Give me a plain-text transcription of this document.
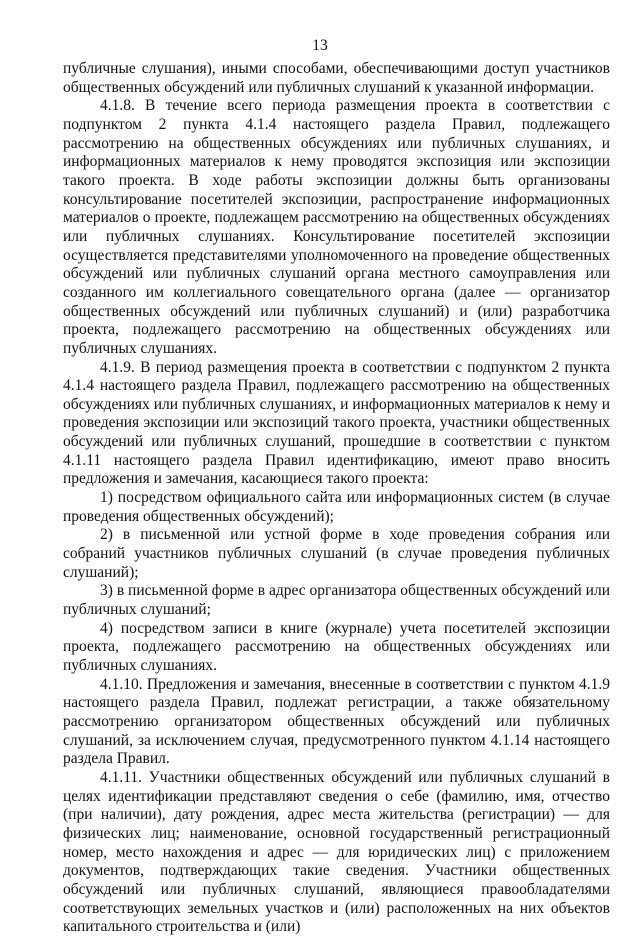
13

публичные слушания), иными способами, обеспечивающими доступ участников общественных обсуждений или публичных слушаний к указанной информации.

4.1.8. В течение всего периода размещения проекта в соответствии с подпунктом 2 пункта 4.1.4 настоящего раздела Правил, подлежащего рассмотрению на общественных обсуждениях или публичных слушаниях, и информационных материалов к нему проводятся экспозиция или экспозиции такого проекта. В ходе работы экспозиции должны быть организованы консультирование посетителей экспозиции, распространение информационных материалов о проекте, подлежащем рассмотрению на общественных обсуждениях или публичных слушаниях. Консультирование посетителей экспозиции осуществляется представителями уполномоченного на проведение общественных обсуждений или публичных слушаний органа местного самоуправления или созданного им коллегиального совещательного органа (далее — организатор общественных обсуждений или публичных слушаний) и (или) разработчика проекта, подлежащего рассмотрению на общественных обсуждениях или публичных слушаниях.

4.1.9. В период размещения проекта в соответствии с подпунктом 2 пункта 4.1.4 настоящего раздела Правил, подлежащего рассмотрению на общественных обсуждениях или публичных слушаниях, и информационных материалов к нему и проведения экспозиции или экспозиций такого проекта, участники общественных обсуждений или публичных слушаний, прошедшие в соответствии с пунктом 4.1.11 настоящего раздела Правил идентификацию, имеют право вносить предложения и замечания, касающиеся такого проекта:

1) посредством официального сайта или информационных систем (в случае проведения общественных обсуждений);

2) в письменной или устной форме в ходе проведения собрания или собраний участников публичных слушаний (в случае проведения публичных слушаний);

3) в письменной форме в адрес организатора общественных обсуждений или публичных слушаний;

4) посредством записи в книге (журнале) учета посетителей экспозиции проекта, подлежащего рассмотрению на общественных обсуждениях или публичных слушаниях.

4.1.10. Предложения и замечания, внесенные в соответствии с пунктом 4.1.9 настоящего раздела Правил, подлежат регистрации, а также обязательному рассмотрению организатором общественных обсуждений или публичных слушаний, за исключением случая, предусмотренного пунктом 4.1.14 настоящего раздела Правил.

4.1.11. Участники общественных обсуждений или публичных слушаний в целях идентификации представляют сведения о себе (фамилию, имя, отчество (при наличии), дату рождения, адрес места жительства (регистрации) — для физических лиц; наименование, основной государственный регистрационный номер, место нахождения и адрес — для юридических лиц) с приложением документов, подтверждающих такие сведения. Участники общественных обсуждений или публичных слушаний, являющиеся правообладателями соответствующих земельных участков и (или) расположенных на них объектов капитального строительства и (или)
